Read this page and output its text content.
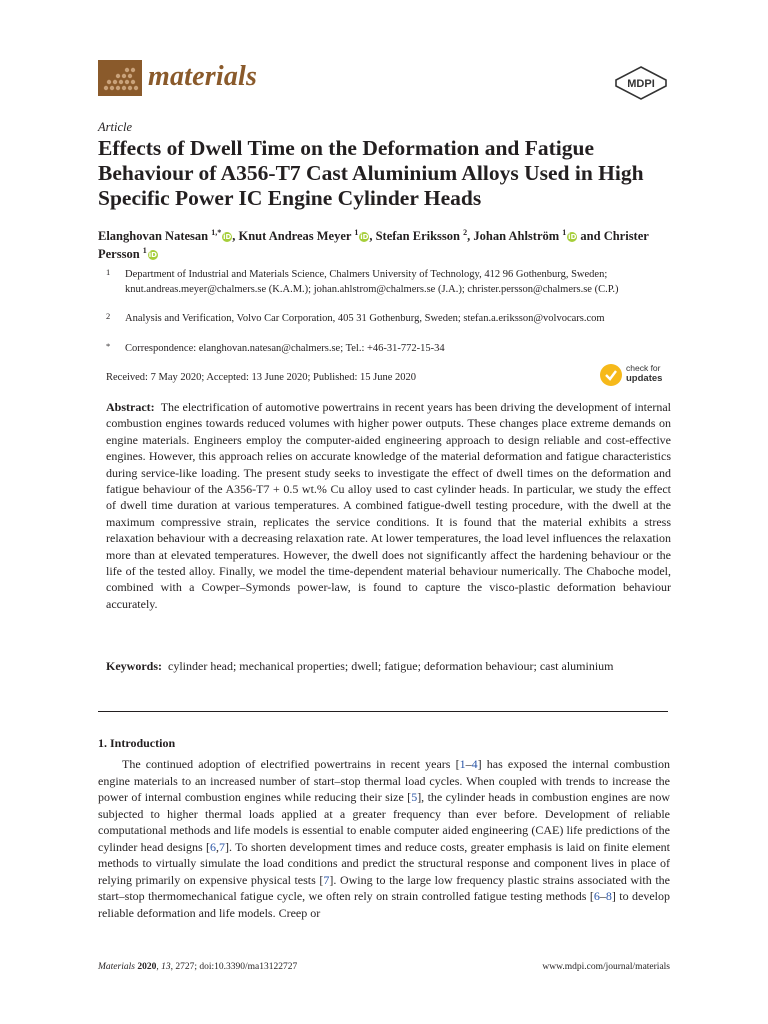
materials	MDPI
Article
Effects of Dwell Time on the Deformation and Fatigue Behaviour of A356-T7 Cast Aluminium Alloys Used in High Specific Power IC Engine Cylinder Heads
Elanghovan Natesan $^{1,*}$ iD, Knut Andreas Meyer $^1$ iD, Stefan Eriksson $^2$, Johan Ahlström $^1$ iD and Christer Persson $^1$ iD
1 Department of Industrial and Materials Science, Chalmers University of Technology, 412 96 Gothenburg, Sweden; knut.andreas.meyer@chalmers.se (K.A.M.); johan.ahlstrom@chalmers.se (J.A.); christer.persson@chalmers.se (C.P.)
2 Analysis and Verification, Volvo Car Corporation, 405 31 Gothenburg, Sweden; stefan.a.eriksson@volvocars.com
* Correspondence: elanghovan.natesan@chalmers.se; Tel.: +46-31-772-15-34
Received: 7 May 2020; Accepted: 13 June 2020; Published: 15 June 2020
check for
updates
Abstract: The electrification of automotive powertrains in recent years has been driving the development of internal combustion engines towards reduced volumes with higher power outputs. These changes place extreme demands on engine materials. Engineers employ the computer-aided engineering approach to design reliable and cost-effective engines. However, this approach relies on accurate knowledge of the material deformation and fatigue characteristics during service-like loading. The present study seeks to investigate the effect of dwell times on the deformation and fatigue behaviour of the A356-T7 + 0.5 wt.% Cu alloy used to cast cylinder heads. In particular, we study the effect of dwell time duration at various temperatures. A combined fatigue-dwell testing procedure, with the dwell at the maximum compressive strain, replicates the service conditions. It is found that the material exhibits a stress relaxation behaviour with a decreasing relaxation rate. At lower temperatures, the load level influences the relaxation more than at elevated temperatures. However, the dwell does not significantly affect the hardening behaviour or the life of the tested alloy. Finally, we model the time-dependent material behaviour numerically. The Chaboche model, combined with a Cowper–Symonds power-law, is found to capture the visco-plastic deformation behaviour accurately.
Keywords: cylinder head; mechanical properties; dwell; fatigue; deformation behaviour; cast aluminium
1. Introduction
The continued adoption of electrified powertrains in recent years [1–4] has exposed the internal combustion engine materials to an increased number of start–stop thermal load cycles. When coupled with trends to increase the power of internal combustion engines while reducing their size [5], the cylinder heads in combustion engines are now subjected to higher thermal loads applied at a greater frequency than ever before. Development of reliable computational methods and life models is essential to enable computer aided engineering (CAE) life predictions of the cylinder head designs [6,7]. To shorten development times and reduce costs, greater emphasis is laid on finite element methods to virtually simulate the load conditions and predict the structural response and component lives in place of relying primarily on expensive physical tests [7]. Owing to the large low frequency plastic strains associated with the start–stop thermomechanical fatigue cycle, we often rely on strain controlled fatigue testing methods [6–8] to develop reliable deformation and life models. Creep or
Materials 2020, 13, 2727; doi:10.3390/ma13122727	www.mdpi.com/journal/materials
